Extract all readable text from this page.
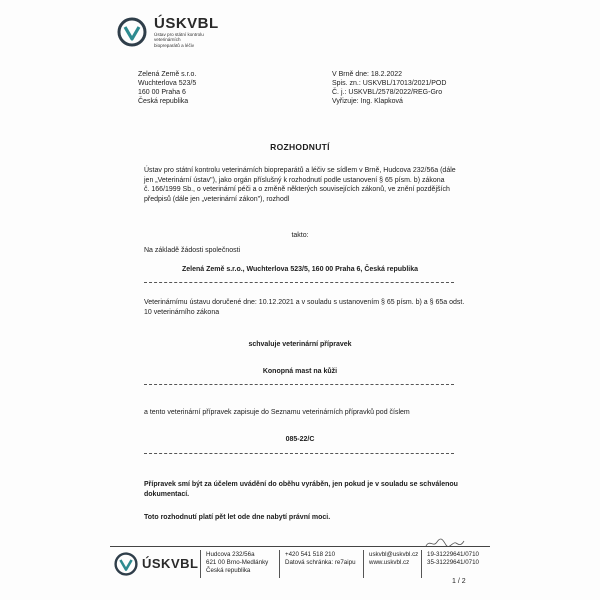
ÚSKVBL
Ústav pro státní kontrolu
veterinárních
biopreparátů a léčiv
Zelená Země s.r.o.
Wuchterlova 523/5
160 00 Praha 6
Česká republika
V Brně dne: 18.2.2022
Spis. zn.: USKVBL/17013/2021/POD
Č. j.: USKVBL/2578/2022/REG-Gro
Vyřizuje: Ing. Klapková
ROZHODNUTÍ
Ústav pro státní kontrolu veterinárních biopreparátů a léčiv se sídlem v Brně, Hudcova 232/56a (dále
jen „Veterinární ústav"), jako orgán příslušný k rozhodnutí podle ustanovení § 65 písm. b) zákona
č. 166/1999 Sb., o veterinární péči a o změně některých souvisejících zákonů, ve znění pozdějších
předpisů (dále jen „veterinární zákon"), rozhodl
takto:
Na základě žádosti společnosti
Zelená Země s.r.o., Wuchterlova 523/5, 160 00 Praha 6, Česká republika
Veterinárnímu ústavu doručené dne: 10.12.2021 a v souladu s ustanovením § 65 písm. b) a § 65a odst.
10 veterinárního zákona
schvaluje veterinární přípravek
Konopná mast na kůži
a tento veterinární přípravek zapisuje do Seznamu veterinárních přípravků pod číslem
085-22/C
Přípravek smí být za účelem uvádění do oběhu vyráběn, jen pokud je v souladu se schválenou
dokumentací.
Toto rozhodnutí platí pět let ode dne nabytí právní moci.
ÚSKVBL
Hudcova 232/56a
621 00 Brno-Medlánky
Česká republika
+420 541 518 210
Datová schránka: re7aipu
uskvbl@uskvbl.cz
www.uskvbl.cz
19-31229641/0710
35-31229641/0710
1 / 2
